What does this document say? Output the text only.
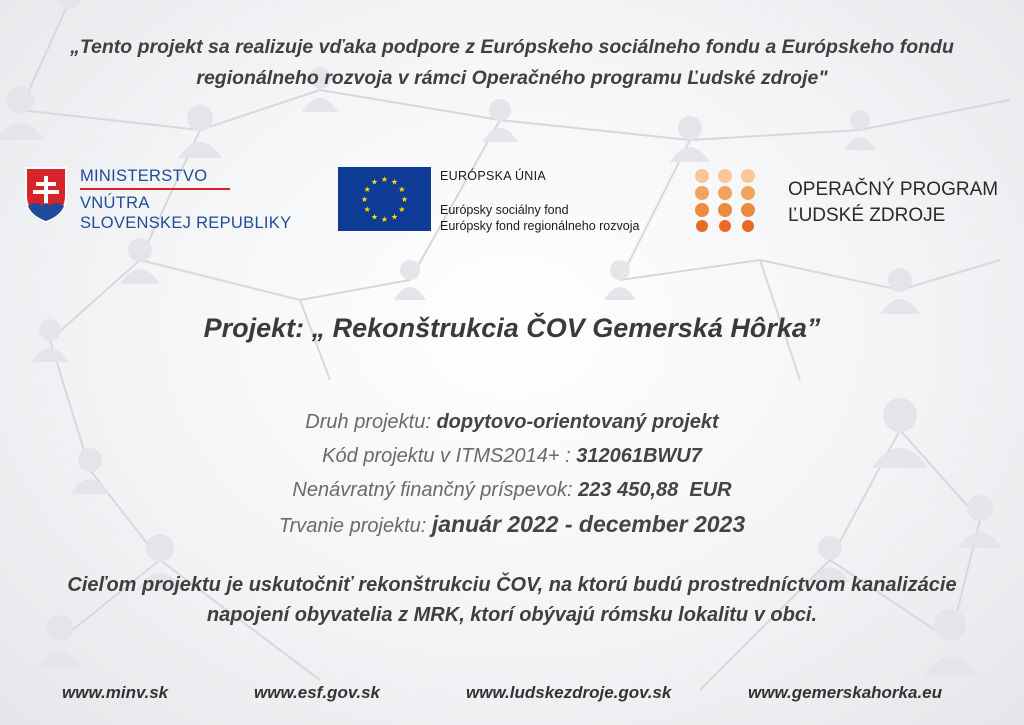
„Tento projekt sa realizuje vďaka podpore z Európskeho sociálneho fondu a Európskeho fondu regionálneho rozvoja v rámci Operačného programu Ľudské zdroje"
MINISTERSTVO
VNÚTRA
SLOVENSKEJ REPUBLIKY
★ ★
★
★
★
★
★
★
★
★
★
★	EURÓPSKA ÚNIA
Európsky sociálny fond
Európsky fond regionálneho rozvoja
OPERAČNÝ PROGRAM
ĽUDSKÉ ZDROJE
Projekt: „ Rekonštrukcia ČOV Gemerská Hôrka”
Druh projektu: dopytovo-orientovaný projekt
Kód projektu v ITMS2014+ : 312061BWU7
Nenávratný finančný príspevok: 223 450,88  EUR
Trvanie projektu: január 2022 - december 2023
Cieľom projektu je uskutočniť rekonštrukciu ČOV, na ktorú budú prostredníctvom kanalizácie napojení obyvatelia z MRK, ktorí obývajú rómsku lokalitu v obci.
www.minv.sk	www.esf.gov.sk	www.ludskezdroje.gov.sk	www.gemerskahorka.eu
